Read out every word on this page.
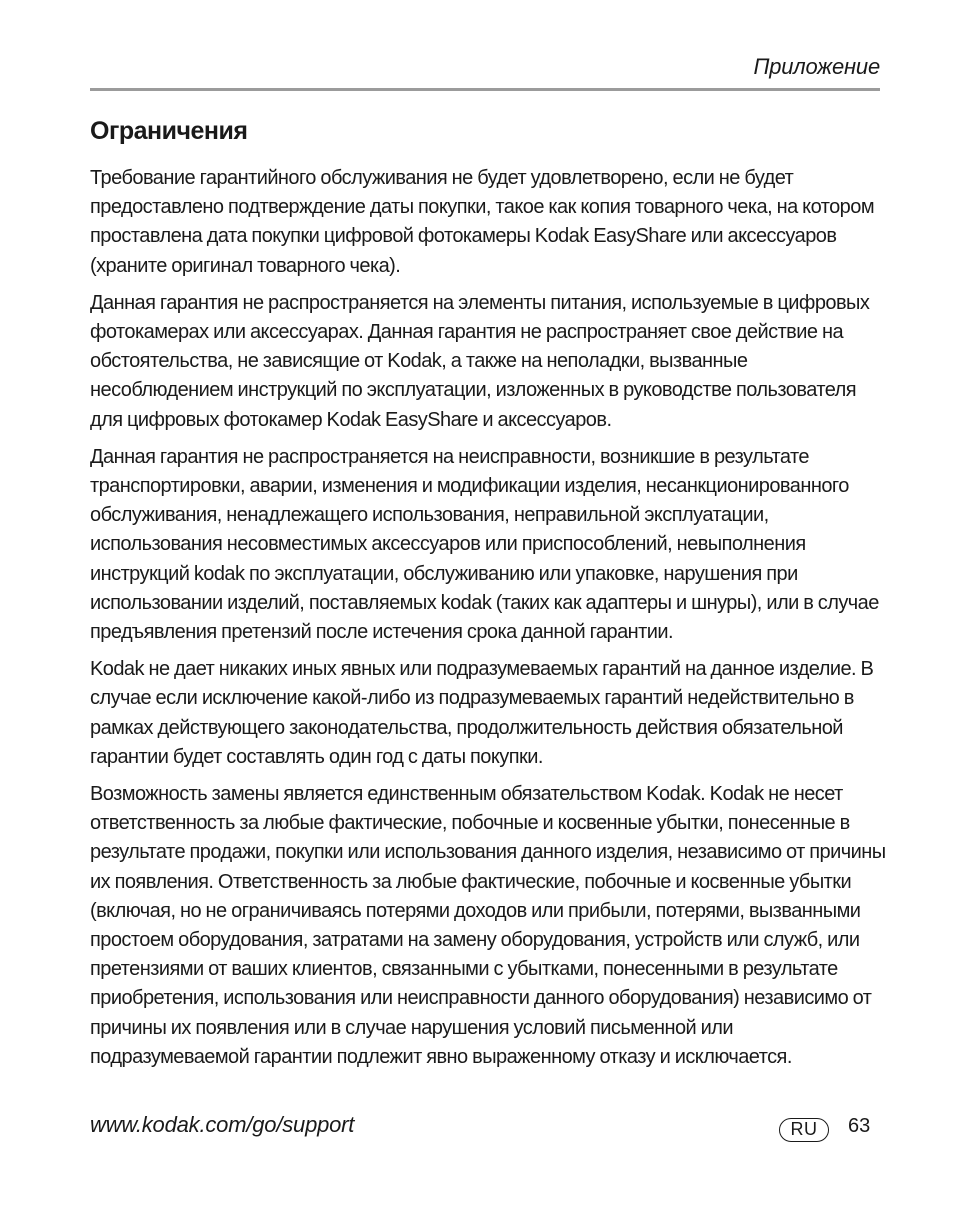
Приложение
Ограничения

Требование гарантийного обслуживания не будет удовлетворено, если не будет предоставлено подтверждение даты покупки, такое как копия товарного чека, на котором проставлена дата покупки цифровой фотокамеры Kodak EasyShare или аксессуаров (храните оригинал товарного чека).

Данная гарантия не распространяется на элементы питания, используемые в цифровых фотокамерах или аксессуарах. Данная гарантия не распространяет свое действие на обстоятельства, не зависящие от Kodak, а также на неполадки, вызванные несоблюдением инструкций по эксплуатации, изложенных в руководстве пользователя для цифровых фотокамер Kodak EasyShare и аксессуаров.

Данная гарантия не распространяется на неисправности, возникшие в результате транспортировки, аварии, изменения и модификации изделия, несанкционированного обслуживания, ненадлежащего использования, неправильной эксплуатации, использования несовместимых аксессуаров или приспособлений, невыполнения инструкций kodak по эксплуатации, обслуживанию или упаковке, нарушения при использовании изделий, поставляемых kodak (таких как адаптеры и шнуры), или в случае предъявления претензий после истечения срока данной гарантии.

Kodak не дает никаких иных явных или подразумеваемых гарантий на данное изделие. В случае если исключение какой-либо из подразумеваемых гарантий недействительно в рамках действующего законодательства, продолжительность действия обязательной гарантии будет составлять один год с даты покупки.

Возможность замены является единственным обязательством Kodak. Kodak не несет ответственность за любые фактические, побочные и косвенные убытки, понесенные в результате продажи, покупки или использования данного изделия, независимо от причины их появления. Ответственность за любые фактические, побочные и косвенные убытки (включая, но не ограничиваясь потерями доходов или прибыли, потерями, вызванными простоем оборудования, затратами на замену оборудования, устройств или служб, или претензиями от ваших клиентов, связанными с убытками, понесенными в результате приобретения, использования или неисправности данного оборудования) независимо от причины их появления или в случае нарушения условий письменной или подразумеваемой гарантии подлежит явно выраженному отказу и исключается.

www.kodak.com/go/support	RU	63
